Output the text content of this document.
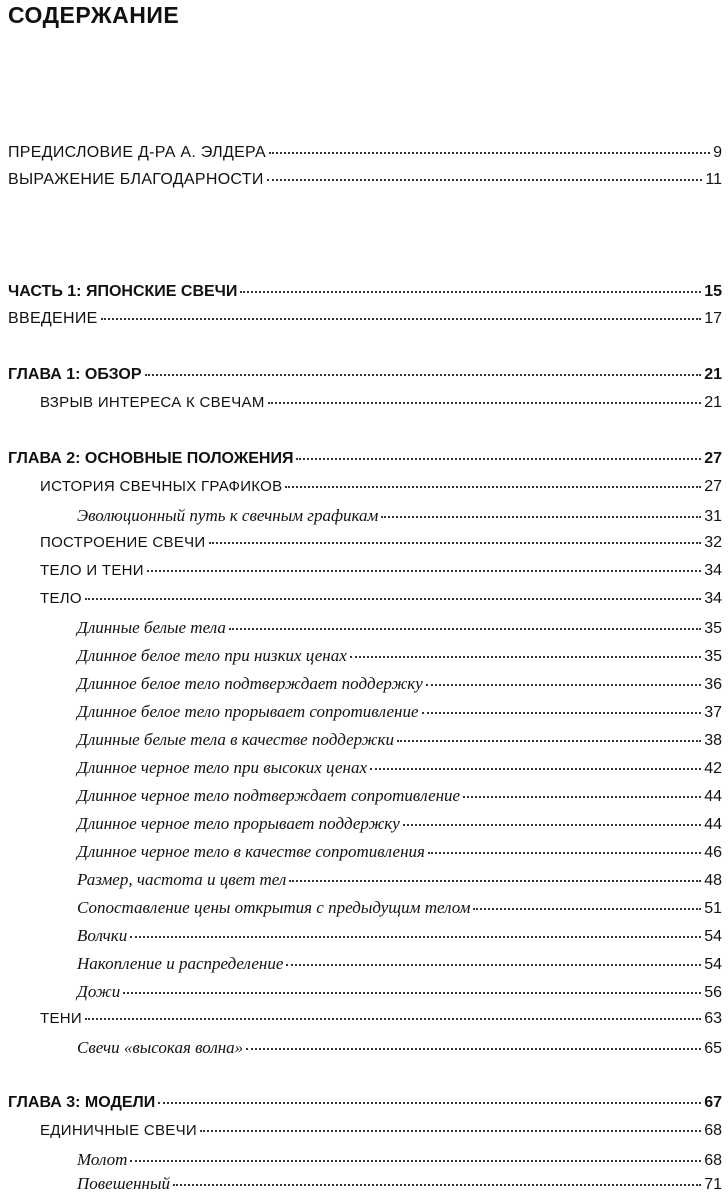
СОДЕРЖАНИЕ
ПРЕДИСЛОВИЕ Д-РА А. ЭЛДЕРА	9
ВЫРАЖЕНИЕ БЛАГОДАРНОСТИ	11
ЧАСТЬ 1: ЯПОНСКИЕ СВЕЧИ	15
ВВЕДЕНИЕ	17
ГЛАВА 1: ОБЗОР	21
ВЗРЫВ ИНТЕРЕСА К СВЕЧАМ	21
ГЛАВА 2: ОСНОВНЫЕ ПОЛОЖЕНИЯ	27
ИСТОРИЯ СВЕЧНЫХ ГРАФИКОВ	27
Эволюционный путь к свечным графикам	31
ПОСТРОЕНИЕ СВЕЧИ	32
ТЕЛО И ТЕНИ	34
ТЕЛО	34
Длинные белые тела	35
Длинное белое тело при низких ценах	35
Длинное белое тело подтверждает поддержку	36
Длинное белое тело прорывает сопротивление	37
Длинные белые тела в качестве поддержки	38
Длинное черное тело при высоких ценах	42
Длинное черное тело подтверждает сопротивление	44
Длинное черное тело прорывает поддержку	44
Длинное черное тело в качестве сопротивления	46
Размер, частота и цвет тел	48
Сопоставление цены открытия с предыдущим телом	51
Волчки	54
Накопление и распределение	54
Дожи	56
ТЕНИ	63
Свечи «высокая волна»	65
ГЛАВА 3: МОДЕЛИ	67
ЕДИНИЧНЫЕ СВЕЧИ	68
Молот	68
Повешенный	71
